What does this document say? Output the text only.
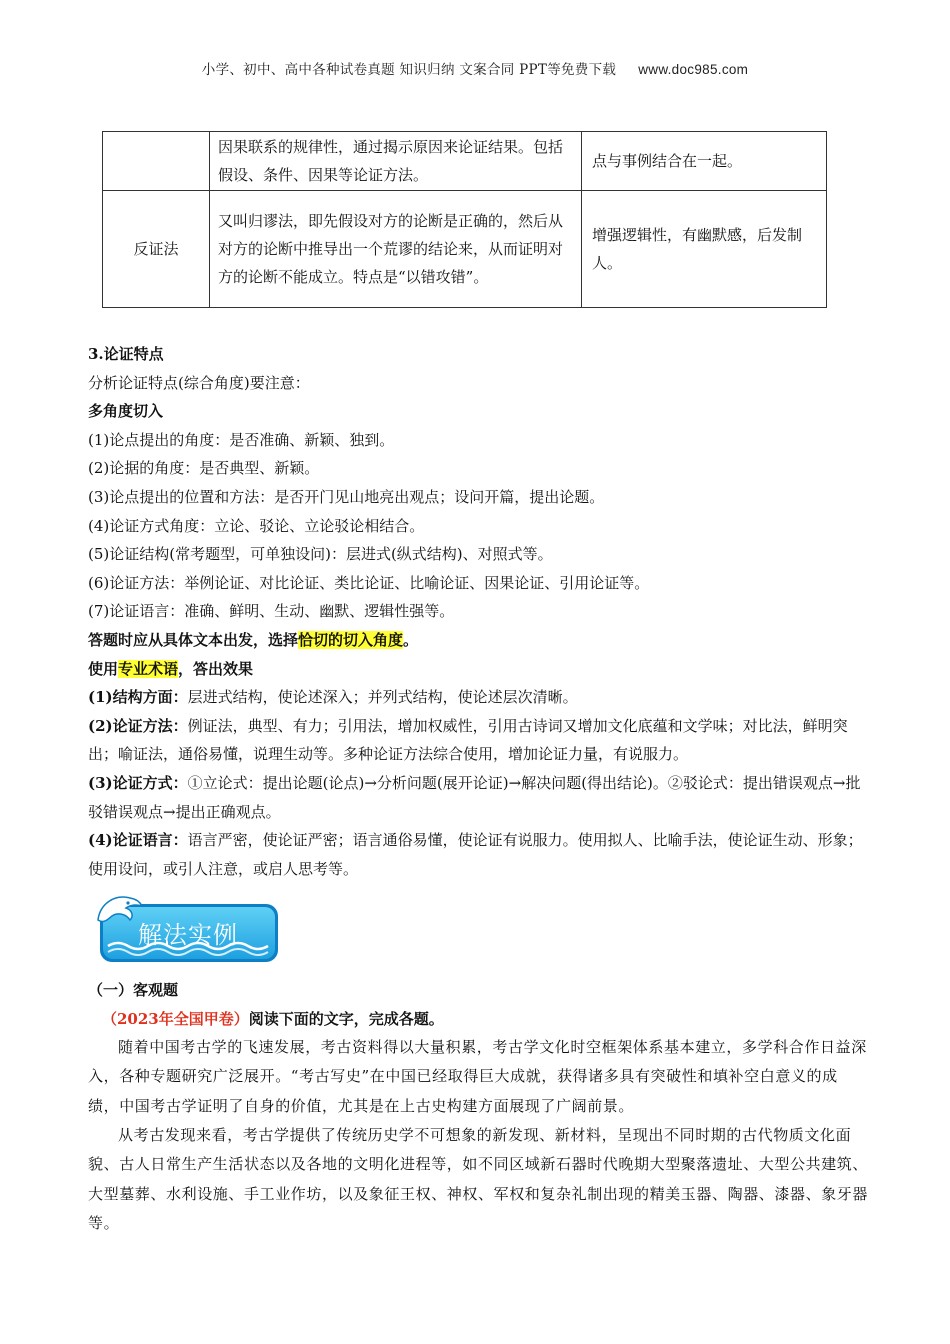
小学、初中、高中各种试卷真题 知识归纳 文案合同 PPT等免费下载 www.doc985.com
	因果联系的规律性，通过揭示原因来论证结果。包括假设、条件、因果等论证方法。	点与事例结合在一起。
反证法	又叫归谬法，即先假设对方的论断是正确的，然后从对方的论断中推导出一个荒谬的结论来，从而证明对方的论断不能成立。特点是“以错攻错”。	增强逻辑性，有幽默感，后发制人。

3.论证特点

分析论证特点(综合角度)要注意：

多角度切入

(1)论点提出的角度：是否准确、新颖、独到。

(2)论据的角度：是否典型、新颖。

(3)论点提出的位置和方法：是否开门见山地亮出观点；设问开篇，提出论题。

(4)论证方式角度：立论、驳论、立论驳论相结合。

(5)论证结构(常考题型，可单独设问)：层进式(纵式结构)、对照式等。

(6)论证方法：举例论证、对比论证、类比论证、比喻论证、因果论证、引用论证等。

(7)论证语言：准确、鲜明、生动、幽默、逻辑性强等。

答题时应从具体文本出发，选择恰切的切入角度。

使用专业术语，答出效果

(1)结构方面：层进式结构，使论述深入；并列式结构，使论述层次清晰。

(2)论证方法：例证法，典型、有力；引用法，增加权威性，引用古诗词又增加文化底蕴和文学味；对比法，鲜明突出；喻证法，通俗易懂，说理生动等。多种论证方法综合使用，增加论证力量，有说服力。

(3)论证方式：①立论式：提出论题(论点)→分析问题(展开论证)→解决问题(得出结论)。②驳论式：提出错误观点→批驳错误观点→提出正确观点。

(4)论证语言：语言严密，使论证严密；语言通俗易懂，使论证有说服力。使用拟人、比喻手法，使论证生动、形象；使用设问，或引人注意，或启人思考等。

解法实例

（一）客观题

（2023年全国甲卷）阅读下面的文字，完成各题。

随着中国考古学的飞速发展，考古资料得以大量积累，考古学文化时空框架体系基本建立，多学科合作日益深入，各种专题研究广泛展开。“考古写史”在中国已经取得巨大成就，获得诸多具有突破性和填补空白意义的成绩，中国考古学证明了自身的价值，尤其是在上古史构建方面展现了广阔前景。

从考古发现来看，考古学提供了传统历史学不可想象的新发现、新材料，呈现出不同时期的古代物质文化面貌、古人日常生产生活状态以及各地的文明化进程等，如不同区域新石器时代晚期大型聚落遗址、大型公共建筑、大型墓葬、水利设施、手工业作坊，以及象征王权、神权、军权和复杂礼制出现的精美玉器、陶器、漆器、象牙器等。
